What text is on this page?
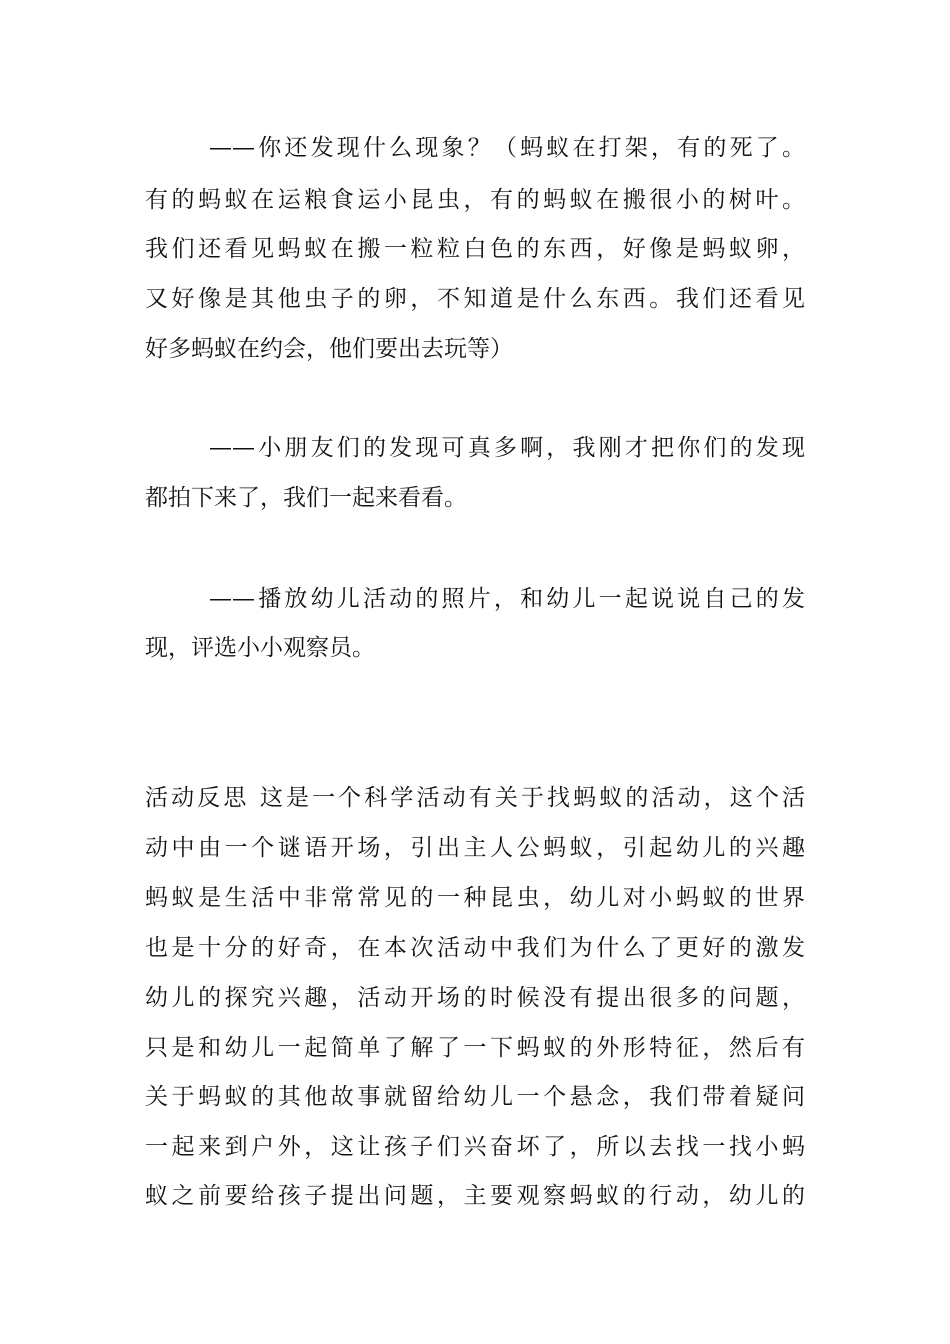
——你还发现什么现象？（蚂蚁在打架，有的死了。
有的蚂蚁在运粮食运小昆虫，有的蚂蚁在搬很小的树叶。
我们还看见蚂蚁在搬一粒粒白色的东西，好像是蚂蚁卵，
又好像是其他虫子的卵，不知道是什么东西。我们还看见
好多蚂蚁在约会，他们要出去玩等）
——小朋友们的发现可真多啊，我刚才把你们的发现
都拍下来了，我们一起来看看。
——播放幼儿活动的照片，和幼儿一起说说自己的发
现，评选小小观察员。
活动反思 这是一个科学活动有关于找蚂蚁的活动，这个活
动中由一个谜语开场，引出主人公蚂蚁，引起幼儿的兴趣
蚂蚁是生活中非常常见的一种昆虫，幼儿对小蚂蚁的世界
也是十分的好奇，在本次活动中我们为什么了更好的激发
幼儿的探究兴趣，活动开场的时候没有提出很多的问题，
只是和幼儿一起简单了解了一下蚂蚁的外形特征，然后有
关于蚂蚁的其他故事就留给幼儿一个悬念，我们带着疑问
一起来到户外，这让孩子们兴奋坏了，所以去找一找小蚂
蚁之前要给孩子提出问题，主要观察蚂蚁的行动，幼儿的
